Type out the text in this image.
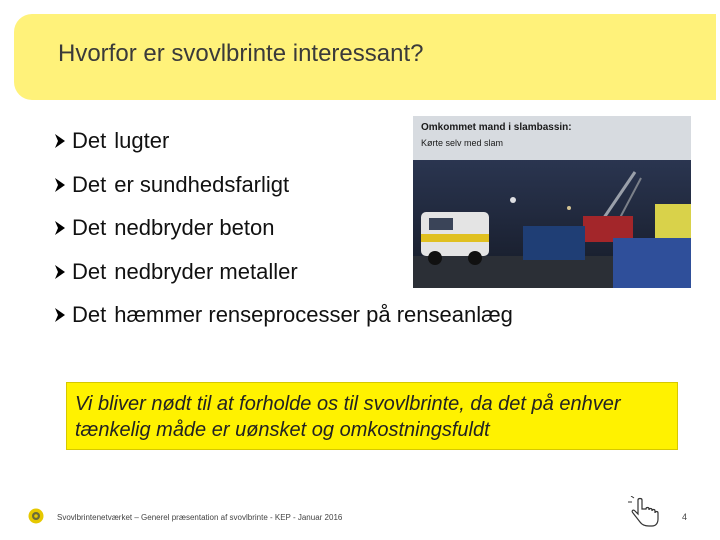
Hvorfor er svovlbrinte interessant?
Det lugter
Det er sundhedsfarligt
Det nedbryder beton
Det nedbryder metaller
Det hæmmer renseprocesser på renseanlæg
Omkommet mand i slambassin:
Kørte selv med slam
Vi bliver nødt til at forholde os til svovlbrinte, da det på enhver tænkelig måde er uønsket og omkostningsfuldt
Svovlbrintenetværket – Generel præsentation af svovlbrinte - KEP - Januar 2016	4
